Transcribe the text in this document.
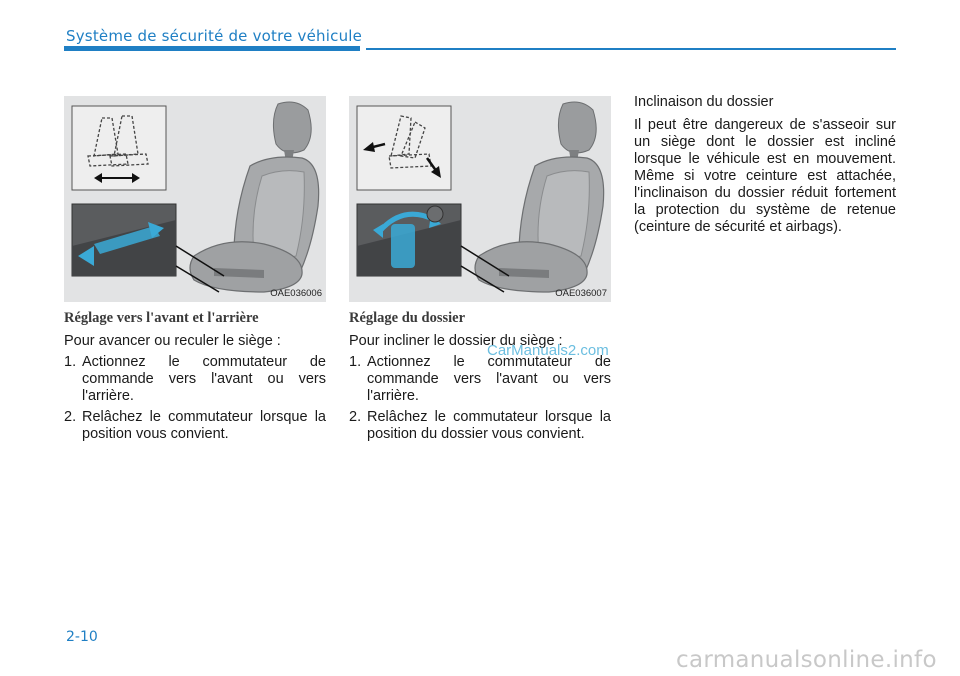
Système de sécurité de votre véhicule
OAE036006
Réglage vers l'avant et l'arrière
Pour avancer ou reculer le siège :
1. Actionnez le commutateur de commande vers l'avant ou vers l'arrière.
2. Relâchez le commutateur lorsque la position vous convient.
OAE036007
Réglage du dossier
Pour incliner le dossier du siège :
1. Actionnez le commutateur de commande vers l'avant ou vers l'arrière.
2. Relâchez le commutateur lorsque la position du dossier vous convient.
Inclinaison du dossier
Il peut être dangereux de s'asseoir sur un siège dont le dossier est incliné lorsque le véhicule est en mouvement. Même si votre ceinture est attachée, l'inclinaison du dossier réduit fortement la protection du système de retenue (ceinture de sécurité et airbags).
CarManuals2.com
2-10
carmanualsonline.info
